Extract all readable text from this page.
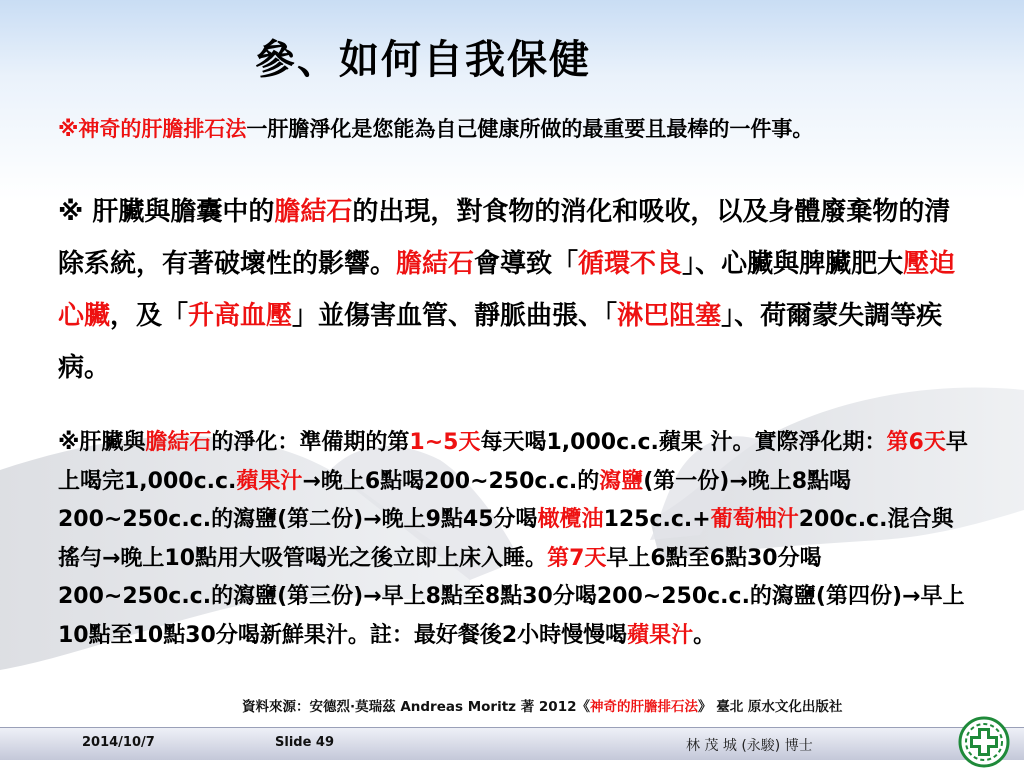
參、如何自我保健
※神奇的肝膽排石法一肝膽淨化是您能為自己健康所做的最重要且最棒的一件事。
※ 肝臟與膽囊中的膽結石的出現，對食物的消化和吸收，以及身體廢棄物的清除系統，有著破壞性的影響。膽結石會導致「循環不良」、心臟與脾臟肥大壓迫心臟，及「升高血壓」並傷害血管、靜脈曲張、「淋巴阻塞」、荷爾蒙失調等疾病。
※肝臟與膽結石的淨化：準備期的第1~5天每天喝1,000c.c.蘋果 汁。實際淨化期：第6天早上喝完1,000c.c.蘋果汁→晚上6點喝200~250c.c.的瀉鹽(第一份)→晚上8點喝200~250c.c.的瀉鹽(第二份)→晚上9點45分喝橄欖油125c.c.+葡萄柚汁200c.c.混合與搖勻→晚上10點用大吸管喝光之後立即上床入睡。第7天早上6點至6點30分喝200~250c.c.的瀉鹽(第三份)→早上8點至8點30分喝200~250c.c.的瀉鹽(第四份)→早上10點至10點30分喝新鮮果汁。註：最好餐後2小時慢慢喝蘋果汁。
資料來源：安德烈·莫瑞茲 Andreas Moritz 著 2012《神奇的肝膽排石法》 臺北 原水文化出版社
2014/10/7	Slide 49	林 茂 城 (永駿) 博士
